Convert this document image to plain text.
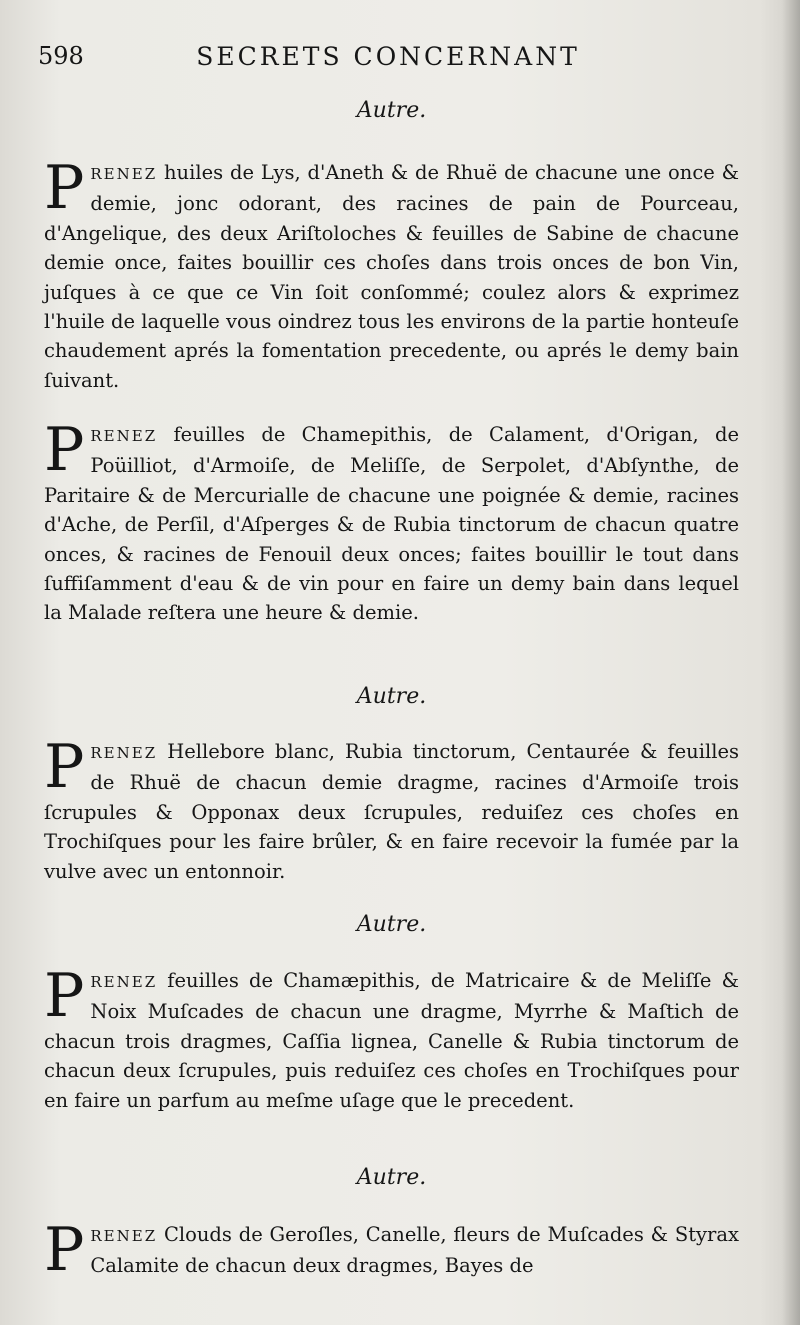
598	SECRETS CONCERNANT
Autre.

PRENEZ huiles de Lys, d'Aneth & de Rhuë de chacune une once & demie, jonc odorant, des racines de pain de Pourceau, d'Angelique, des deux Ariſtoloches & feuilles de Sabine de chacune demie once, faites bouillir ces choſes dans trois onces de bon Vin, juſques à ce que ce Vin ſoit conſommé; coulez alors & exprimez l'huile de laquelle vous oindrez tous les environs de la partie honteuſe chaudement aprés la fomentation precedente, ou aprés le demy bain ſuivant.

PRENEZ feuilles de Chamepithis, de Calament, d'Origan, de Poüilliot, d'Armoiſe, de Meliſſe, de Serpolet, d'Abſynthe, de Paritaire & de Mercurialle de chacune une poignée & demie, racines d'Ache, de Perſil, d'Aſperges & de Rubia tinctorum de chacun quatre onces, & racines de Fenouil deux onces; faites bouillir le tout dans ſuffiſamment d'eau & de vin pour en faire un demy bain dans lequel la Malade reſtera une heure & demie.

Autre.

PRENEZ Hellebore blanc, Rubia tinctorum, Centaurée & feuilles de Rhuë de chacun demie dragme, racines d'Armoiſe trois ſcrupules & Opponax deux ſcrupules, reduiſez ces choſes en Trochiſques pour les faire brûler, & en faire recevoir la fumée par la vulve avec un entonnoir.

Autre.

PRENEZ feuilles de Chamæpithis, de Matricaire & de Meliſſe & Noix Muſcades de chacun une dragme, Myrrhe & Maſtich de chacun trois dragmes, Caſſia lignea, Canelle & Rubia tinctorum de chacun deux ſcrupules, puis reduiſez ces choſes en Trochiſques pour en faire un parfum au meſme uſage que le precedent.

Autre.

PRENEZ Clouds de Geroſles, Canelle, fleurs de Muſcades & Styrax Calamite de chacun deux dragmes, Bayes de
